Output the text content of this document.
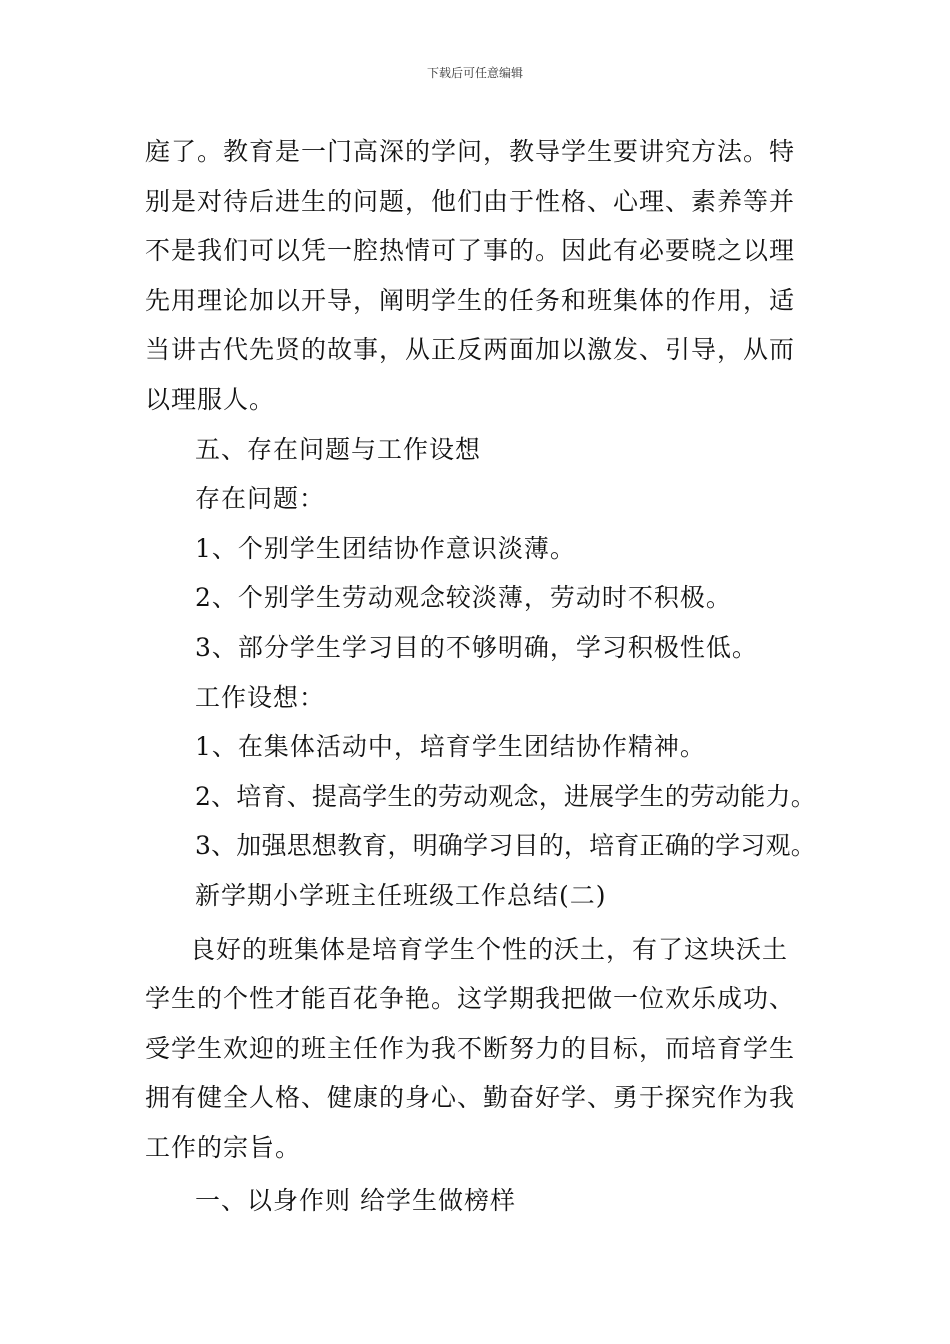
下载后可任意编辑
庭了。教育是一门高深的学问，教导学生要讲究方法。特
别是对待后进生的问题，他们由于性格、心理、素养等并
不是我们可以凭一腔热情可了事的。因此有必要晓之以理
先用理论加以开导，阐明学生的任务和班集体的作用，适
当讲古代先贤的故事，从正反两面加以激发、引导，从而
以理服人。
五、存在问题与工作设想
存在问题：
1、个别学生团结协作意识淡薄。
2、个别学生劳动观念较淡薄，劳动时不积极。
3、部分学生学习目的不够明确，学习积极性低。
工作设想：
1、在集体活动中，培育学生团结协作精神。
2、培育、提高学生的劳动观念，进展学生的劳动能力。
3、加强思想教育，明确学习目的，培育正确的学习观。
新学期小学班主任班级工作总结(二)
良好的班集体是培育学生个性的沃土，有了这块沃土
学生的个性才能百花争艳。这学期我把做一位欢乐成功、
受学生欢迎的班主任作为我不断努力的目标，而培育学生
拥有健全人格、健康的身心、勤奋好学、勇于探究作为我
工作的宗旨。
一、以身作则 给学生做榜样
